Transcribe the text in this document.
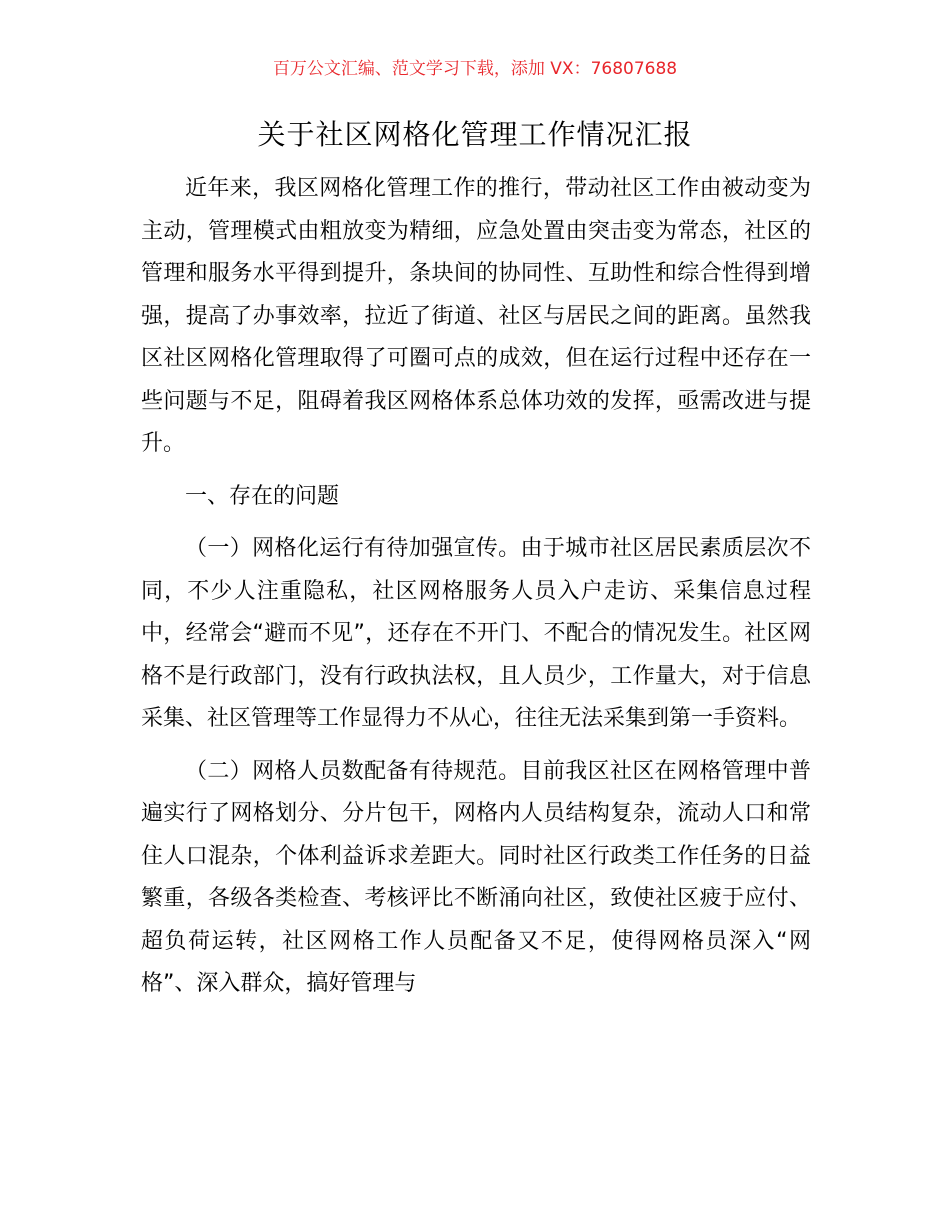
百万公文汇编、范文学习下载，添加 VX：76807688
关于社区网格化管理工作情况汇报

近年来，我区网格化管理工作的推行，带动社区工作由被动变为主动，管理模式由粗放变为精细，应急处置由突击变为常态，社区的管理和服务水平得到提升，条块间的协同性、互助性和综合性得到增强，提高了办事效率，拉近了街道、社区与居民之间的距离。虽然我区社区网格化管理取得了可圈可点的成效，但在运行过程中还存在一些问题与不足，阻碍着我区网格体系总体功效的发挥，亟需改进与提升。

一、存在的问题

（一）网格化运行有待加强宣传。由于城市社区居民素质层次不同，不少人注重隐私，社区网格服务人员入户走访、采集信息过程中，经常会“避而不见”，还存在不开门、不配合的情况发生。社区网格不是行政部门，没有行政执法权，且人员少，工作量大，对于信息采集、社区管理等工作显得力不从心，往往无法采集到第一手资料。

（二）网格人员数配备有待规范。目前我区社区在网格管理中普遍实行了网格划分、分片包干，网格内人员结构复杂，流动人口和常住人口混杂，个体利益诉求差距大。同时社区行政类工作任务的日益繁重，各级各类检查、考核评比不断涌向社区，致使社区疲于应付、超负荷运转，社区网格工作人员配备又不足，使得网格员深入“网格”、深入群众，搞好管理与
